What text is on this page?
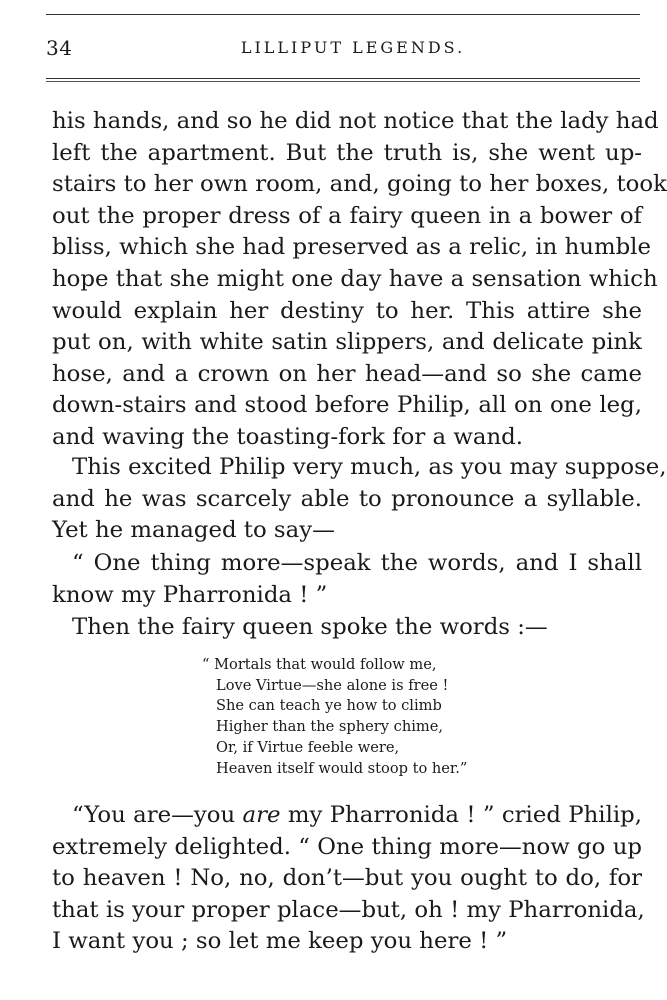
34	LILLIPUT LEGENDS.
his hands, and so he did not notice that the lady had
left the apartment. But the truth is, she went up-
stairs to her own room, and, going to her boxes, took
out the proper dress of a fairy queen in a bower of
bliss, which she had preserved as a relic, in humble
hope that she might one day have a sensation which
would explain her destiny to her. This attire she
put on, with white satin slippers, and delicate pink
hose, and a crown on her head—and so she came
down-stairs and stood before Philip, all on one leg,
and waving the toasting-fork for a wand.
This excited Philip very much, as you may suppose,
and he was scarcely able to pronounce a syllable.
Yet he managed to say—
“ One thing more—speak the words, and I shall
know my Pharronida ! ”
Then the fairy queen spoke the words :—
“ Mortals that would follow me,
Love Virtue—she alone is free !
She can teach ye how to climb
Higher than the sphery chime,
Or, if Virtue feeble were,
Heaven itself would stoop to her.”
“You are—you are my Pharronida ! ” cried Philip,
extremely delighted. “ One thing more—now go up
to heaven ! No, no, don’t—but you ought to do, for
that is your proper place—but, oh ! my Pharronida,
I want you ; so let me keep you here ! ”
